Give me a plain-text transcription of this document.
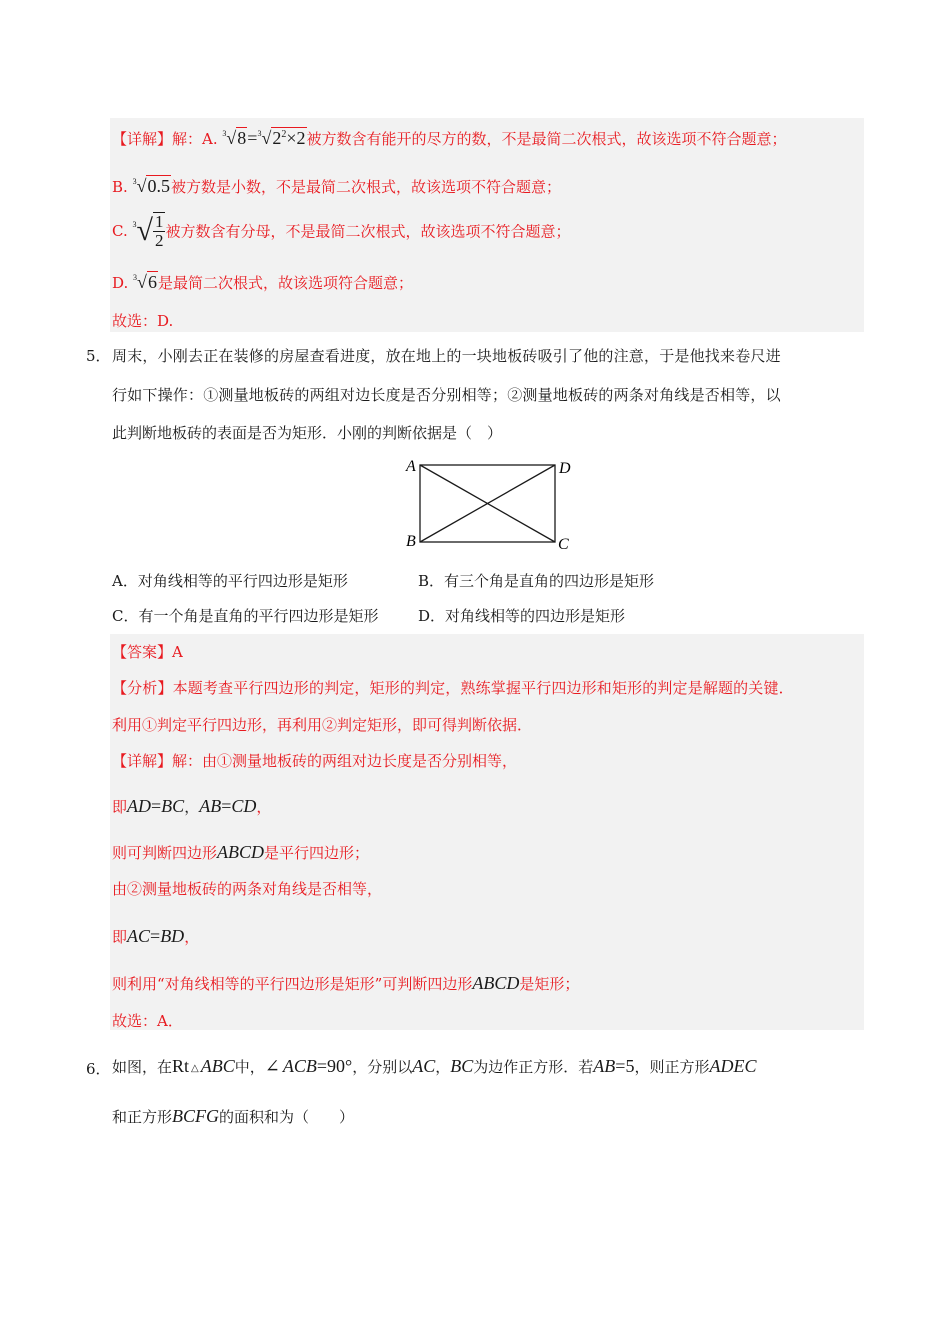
【详解】解：A. $^3√8=^3√2^2\times 2$被方数含有能开的尽方的数，不是最简二次根式，故该选项不符合题意；
B. $^3$√0.5被方数是小数，不是最简二次根式，故该选项不符合题意；
C. $^3√ \frac{1}{2}$ 被方数含有分母，不是最简二次根式，故该选项不符合题意；
D. $^3$√6是最简二次根式，故该选项符合题意；
故选：D.
5． 周末，小刚去正在装修的房屋查看进度，放在地上的一块地板砖吸引了他的注意，于是他找来卷尺进
行如下操作：①测量地板砖的两组对边长度是否分别相等；②测量地板砖的两条对角线是否相等，以
此判断地板砖的表面是否为矩形．小刚的判断依据是（　）
A	D
B	C
A．对角线相等的平行四边形是矩形	B．有三个角是直角的四边形是矩形
C．有一个角是直角的平行四边形是矩形	D．对角线相等的四边形是矩形
【答案】A
【分析】本题考查平行四边形的判定，矩形的判定，熟练掌握平行四边形和矩形的判定是解题的关键．
利用①判定平行四边形，再利用②判定矩形，即可得判断依据．
【详解】解：由①测量地板砖的两组对边长度是否分别相等，
即AD=BC，AB=CD，
则可判断四边形ABCD是平行四边形；
由②测量地板砖的两条对角线是否相等，
即AC=BD，
则利用“对角线相等的平行四边形是矩形”可判断四边形ABCD是矩形；
故选：A．
6． 如图，在Rt △ ABC中，∠ ACB=90°，分别以AC，BC为边作正方形．若AB=5，则正方形ADEC
和正方形BCFG的面积和为（　　）
